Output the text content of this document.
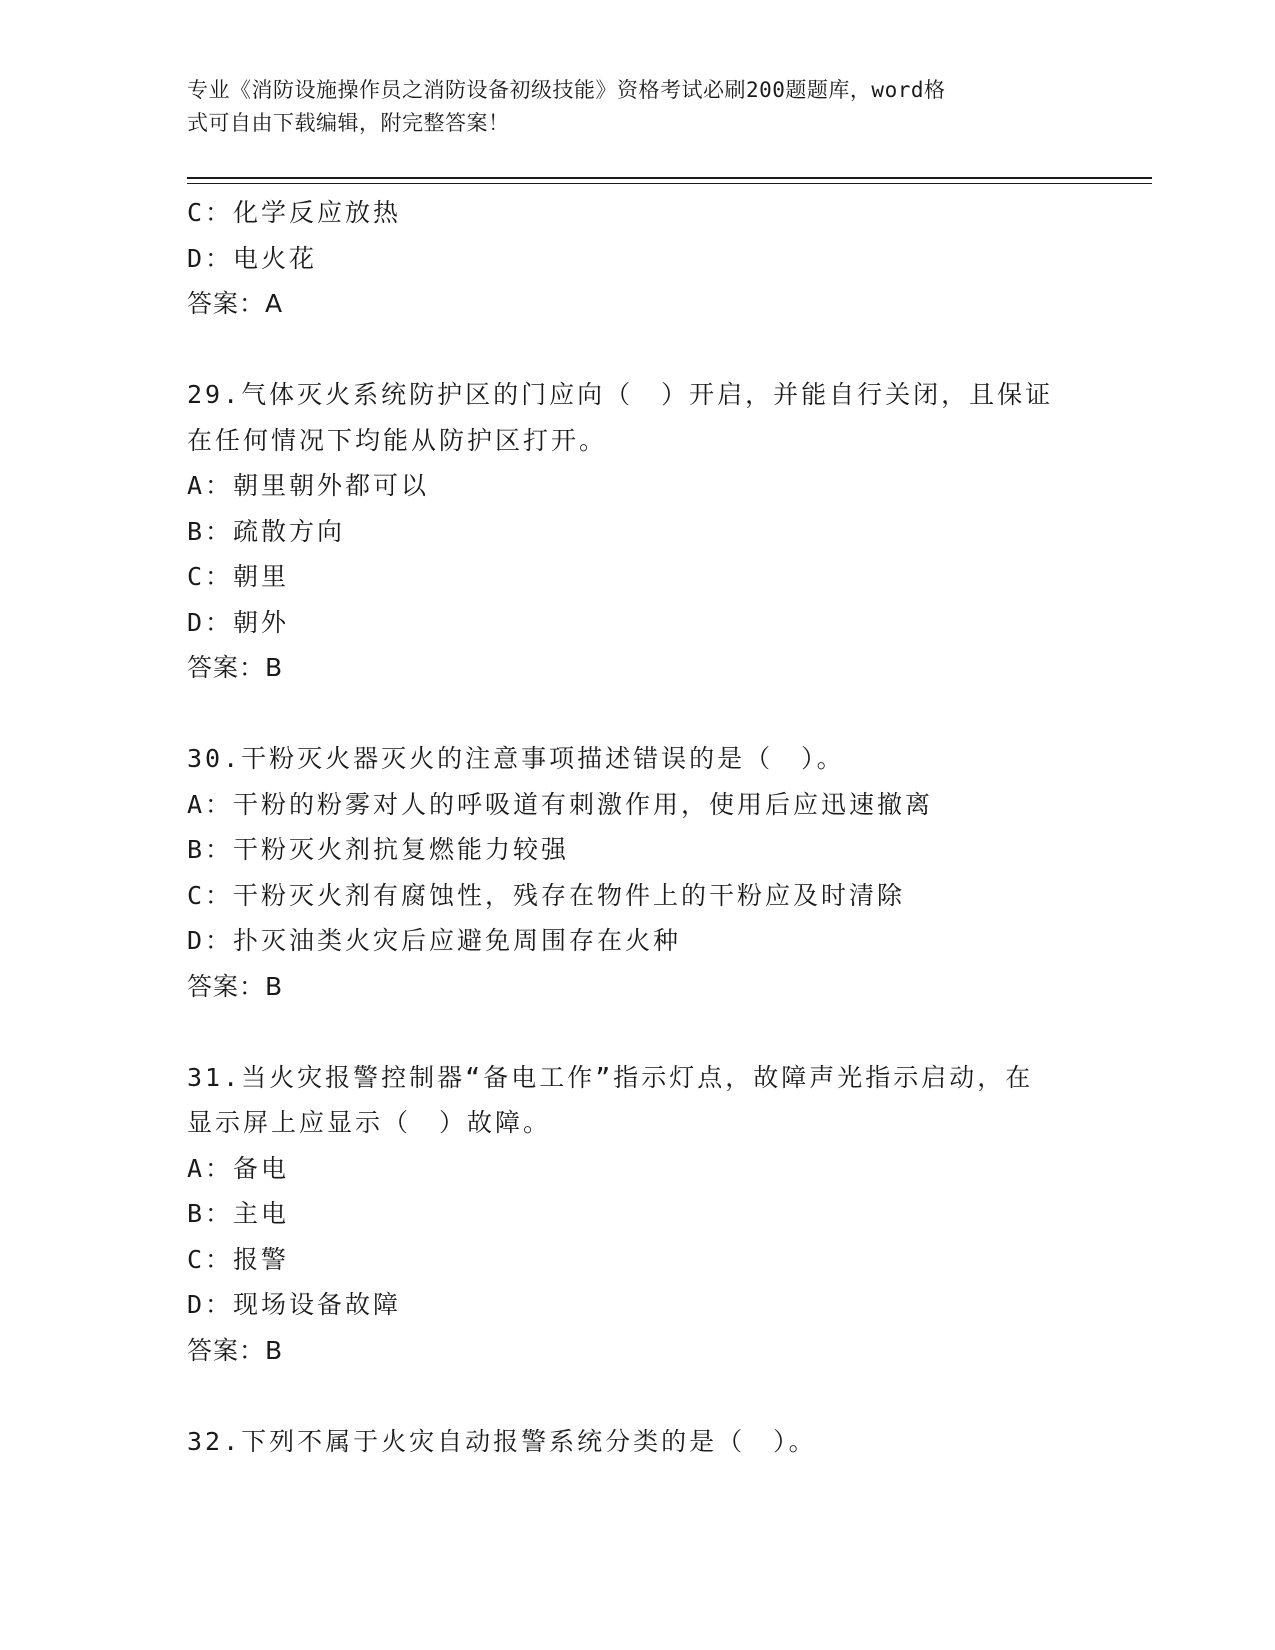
专业《消防设施操作员之消防设备初级技能》资格考试必刷200题题库，word格
式可自由下载编辑，附完整答案！
C：化学反应放热
D：电火花
答案：A
29.气体灭火系统防护区的门应向（　）开启，并能自行关闭，且保证
在任何情况下均能从防护区打开。
A：朝里朝外都可以
B：疏散方向
C：朝里
D：朝外
答案：B
30.干粉灭火器灭火的注意事项描述错误的是（　）。
A：干粉的粉雾对人的呼吸道有刺激作用，使用后应迅速撤离
B：干粉灭火剂抗复燃能力较强
C：干粉灭火剂有腐蚀性，残存在物件上的干粉应及时清除
D：扑灭油类火灾后应避免周围存在火种
答案：B
31.当火灾报警控制器“备电工作”指示灯点，故障声光指示启动，在
显示屏上应显示（　）故障。
A：备电
B：主电
C：报警
D：现场设备故障
答案：B
32.下列不属于火灾自动报警系统分类的是（　）。
